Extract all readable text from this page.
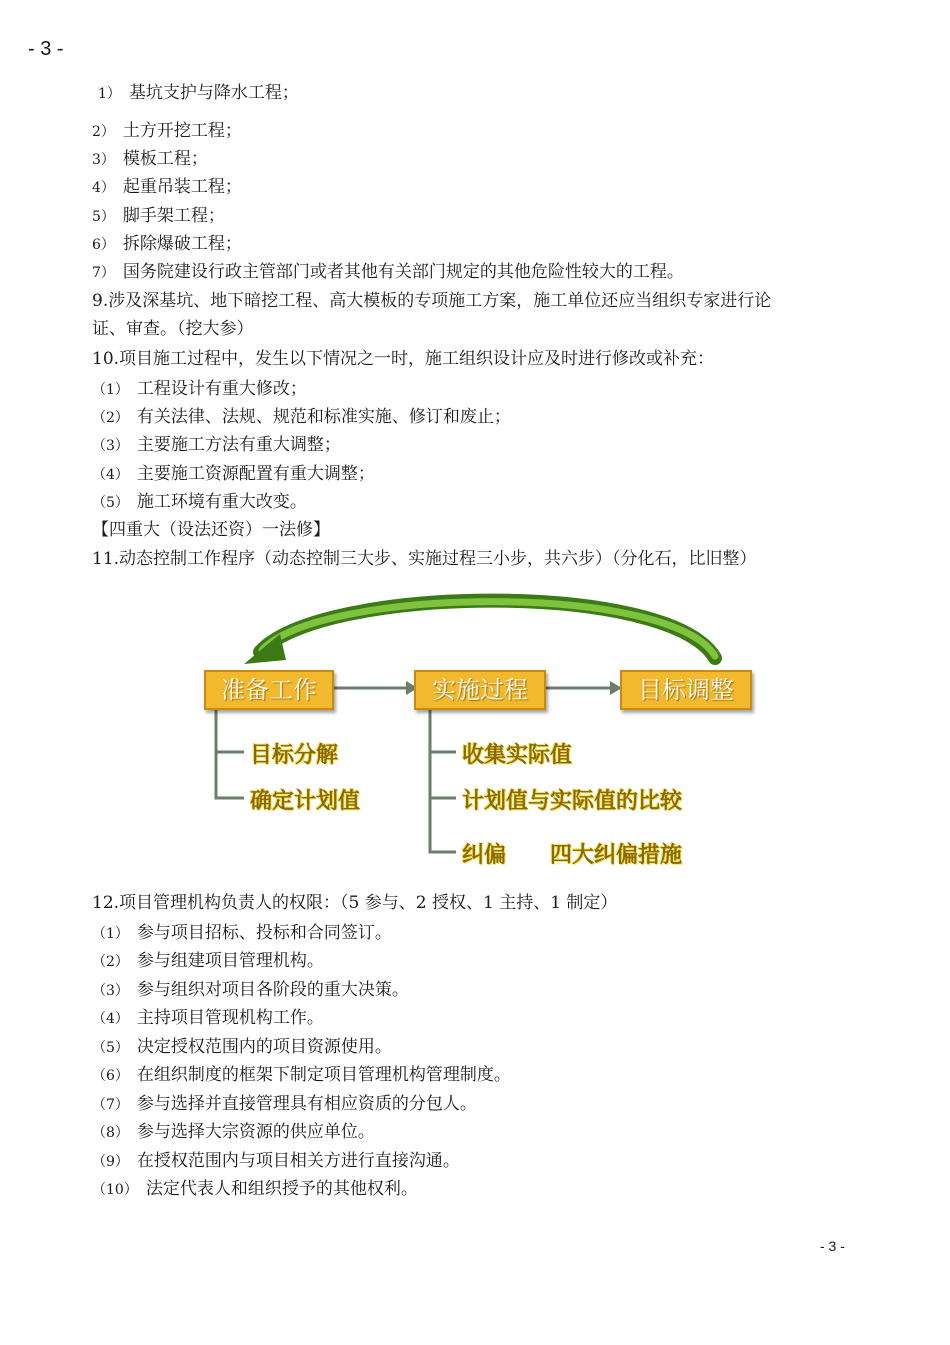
- 3 -
1） 基坑支护与降水工程；
2） 土方开挖工程；
3） 模板工程；
4） 起重吊装工程；
5） 脚手架工程；
6） 拆除爆破工程；
7） 国务院建设行政主管部门或者其他有关部门规定的其他危险性较大的工程。
9.涉及深基坑、地下暗挖工程、高大模板的专项施工方案，施工单位还应当组织专家进行论
证、审查。（挖大参）
10.项目施工过程中，发生以下情况之一时，施工组织设计应及时进行修改或补充：
（1） 工程设计有重大修改；
（2） 有关法律、法规、规范和标准实施、修订和废止；
（3） 主要施工方法有重大调整；
（4） 主要施工资源配置有重大调整；
（5） 施工环境有重大改变。
【四重大（设法还资）一法修】
11.动态控制工作程序（动态控制三大步、实施过程三小步，共六步）（分化石，比旧整）
准备工作	实施过程	目标调整
目标分解
确定计划值
收集实际值
计划值与实际值的比较
纠偏 四大纠偏措施
12.项目管理机构负责人的权限：（5 参与、2 授权、1 主持、1 制定）
（1） 参与项目招标、投标和合同签订。
（2） 参与组建项目管理机构。
（3） 参与组织对项目各阶段的重大决策。
（4） 主持项目管现机构工作。
（5） 决定授权范围内的项目资源使用。
（6） 在组织制度的框架下制定项目管理机构管理制度。
（7） 参与选择并直接管理具有相应资质的分包人。
（8） 参与选择大宗资源的供应单位。
（9） 在授权范围内与项目相关方进行直接沟通。
（10） 法定代表人和组织授予的其他权利。
- 3 -
